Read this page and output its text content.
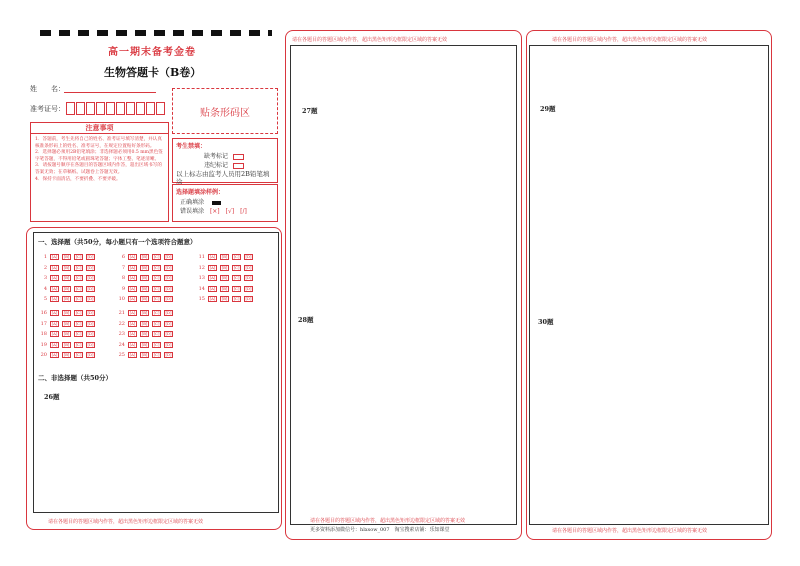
高一期末备考金卷
生物答题卡（B卷）
姓　　名：
准考证号：	贴条形码区
注意事项

1．答题前，考生先将自己的姓名、准考证号填写清楚，并认真核准条形码上的姓名、准考证号，在规定位置贴好条形码。

2．选择题必须用2B铅笔填涂；非选择题必须用0.5 mm黑色签字笔答题，不得用铅笔或圆珠笔答题；字体工整、笔迹清晰。

3．请按题号顺序在各题目的答题区域内作答，超出区域书写的答案无效；在草稿纸、试题卷上答题无效。

4．保持卡面清洁，不要折叠、不要弄破。

考生禁填：
缺考标记
违纪标记
以上标志由监考人员用2B铅笔填涂
选择题填涂样例：
正确填涂
错误填涂 [×]　[√]　[/]
一、选择题（共50分，每小题只有一个选项符合题意）
1	[A]	[B]	[C]	[D]	6	[A]	[B]	[C]	[D]	11	[A]	[B]	[C]	[D]
2	[A]	[B]	[C]	[D]	7	[A]	[B]	[C]	[D]	12	[A]	[B]	[C]	[D]
3	[A]	[B]	[C]	[D]	8	[A]	[B]	[C]	[D]	13	[A]	[B]	[C]	[D]
4	[A]	[B]	[C]	[D]	9	[A]	[B]	[C]	[D]	14	[A]	[B]	[C]	[D]
5	[A]	[B]	[C]	[D]	10	[A]	[B]	[C]	[D]	15	[A]	[B]	[C]	[D]
16	[A]	[B]	[C]	[D]	21	[A]	[B]	[C]	[D]
17	[A]	[B]	[C]	[D]	22	[A]	[B]	[C]	[D]
18	[A]	[B]	[C]	[D]	23	[A]	[B]	[C]	[D]
19	[A]	[B]	[C]	[D]	24	[A]	[B]	[C]	[D]
20	[A]	[B]	[C]	[D]	25	[A]	[B]	[C]	[D]
二、非选择题（共50分）
26题
请在各题目的答题区域内作答，超出黑色矩形边框限定区域的答案无效
请在各题目的答题区域内作答，超出黑色矩形边框限定区域的答案无效
27题
28题
请在各题目的答题区域内作答，超出黑色矩形边框限定区域的答案无效
更多资料添加微信号：hlxsow_007　淘宝搜索店铺：乐知课堂
请在各题目的答题区域内作答，超出黑色矩形边框限定区域的答案无效
29题
30题
请在各题目的答题区域内作答，超出黑色矩形边框限定区域的答案无效
